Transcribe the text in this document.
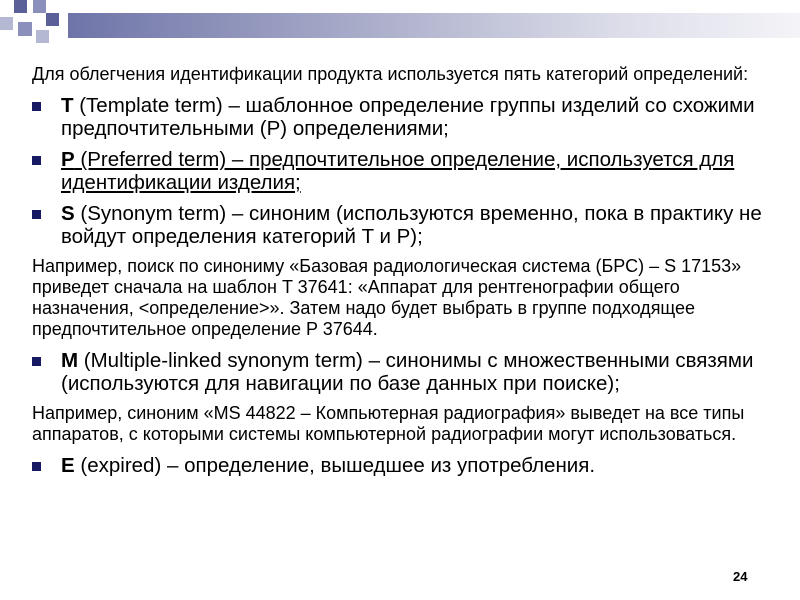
Для облегчения идентификации продукта используется пять категорий определений:

T (Template term) – шаблонное определение группы изделий со схожими предпочтительными (P) определениями;
P (Preferred term) – предпочтительное определение, используется для идентификации изделия;
S (Synonym term) – синоним (используются временно, пока в практику не войдут определения категорий T и P);

Например, поиск по синониму «Базовая радиологическая система (БРС) – S 17153» приведет сначала на шаблон T 37641: «Аппарат для рентгенографии общего назначения, <определение>». Затем надо будет выбрать в группе подходящее предпочтительное определение P 37644.

M (Multiple-linked synonym term) – синонимы с множественными связями (используются для навигации по базе данных при поиске);

Например, синоним «MS 44822 – Компьютерная радиография» выведет на все типы аппаратов, с которыми системы компьютерной радиографии могут использоваться.

E (expired) – определение, вышедшее из употребления.
24
